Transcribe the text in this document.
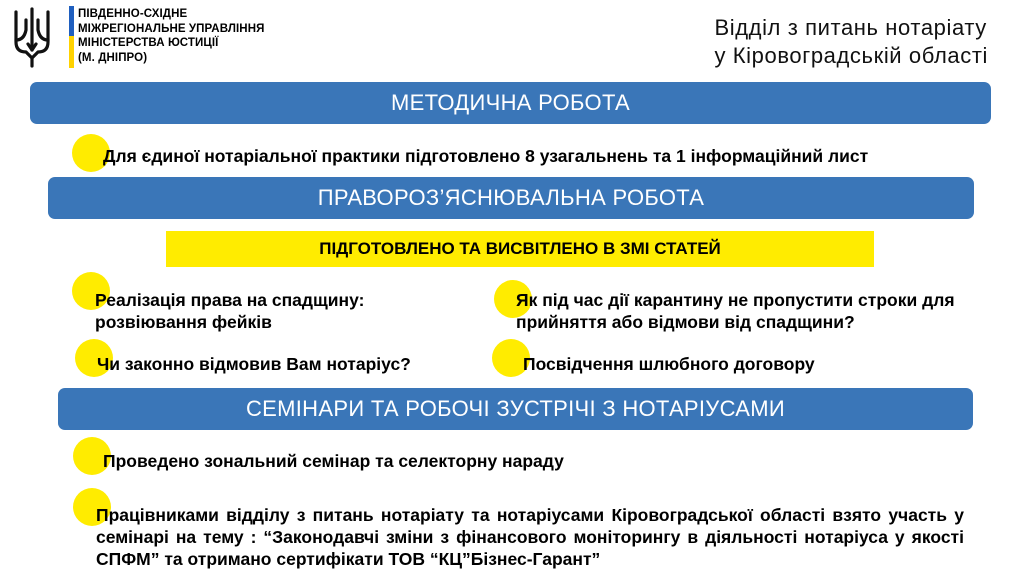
ПІВДЕННО-СХІДНЕ
МІЖРЕГІОНАЛЬНЕ УПРАВЛІННЯ
МІНІСТЕРСТВА ЮСТИЦІЇ
(М. ДНІПРО)
Відділ з питань нотаріату
у Кіровоградській області
МЕТОДИЧНА РОБОТА
Для єдиної нотаріальної практики підготовлено 8 узагальнень та 1 інформаційний лист
ПРАВОРОЗ’ЯСНЮВАЛЬНА РОБОТА
ПІДГОТОВЛЕНО ТА ВИСВІТЛЕНО В ЗМІ СТАТЕЙ
Реалізація права на спадщину: розвіювання фейків
Як під час дії карантину не пропустити строки для прийняття або відмови від спадщини?
Чи законно відмовив Вам нотаріус?	Посвідчення шлюбного договору
СЕМІНАРИ ТА РОБОЧІ ЗУСТРІЧІ З НОТАРІУСАМИ
Проведено зональний семінар та селекторну нараду
Працівниками відділу з питань нотаріату та нотаріусами Кіровоградської області взято участь у семінарі на тему : “Законодавчі зміни з фінансового моніторингу в діяльності нотаріуса у якості СПФМ” та отримано сертифікати ТОВ “КЦ”Бізнес-Гарант”
